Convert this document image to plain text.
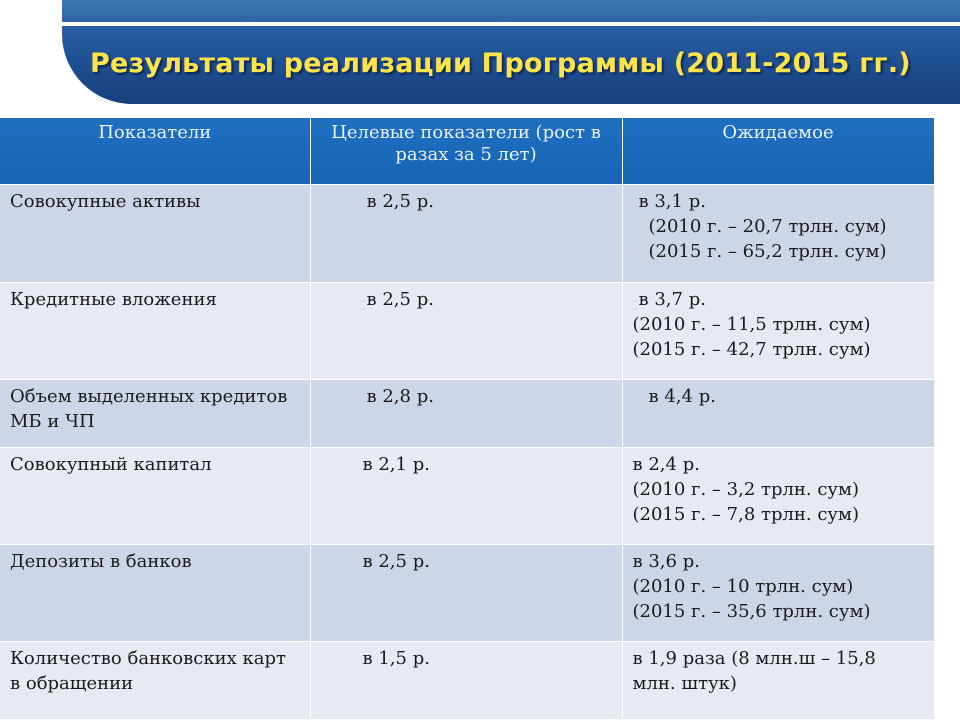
Результаты реализации Программы (2011-2015 гг.)
Показатели	Целевые показатели (рост в разах за 5 лет)	Ожидаемое
Совокупные активы	в 2,5 р.	в 3,1 р.
(2010 г. – 20,7 трлн. сум)
(2015 г. – 65,2 трлн. сум)

Кредитные вложения	в 2,5 р.	в 3,7 р.
(2010 г. – 11,5 трлн. сум)
(2015 г. – 42,7 трлн. сум)

Объем выделенных кредитов МБ и ЧП	в 2,8 р.	в 4,4 р.

Совокупный капитал	в 2,1 р.	в 2,4 р.
(2010 г. – 3,2 трлн. сум)
(2015 г. – 7,8 трлн. сум)

Депозиты в банков	в 2,5 р.	в 3,6 р.
(2010 г. – 10 трлн. сум)
(2015 г. – 35,6 трлн. сум)

Количество банковских карт в обращении	в 1,5 р.	в 1,9 раза (8 млн.ш – 15,8 млн. штук)
